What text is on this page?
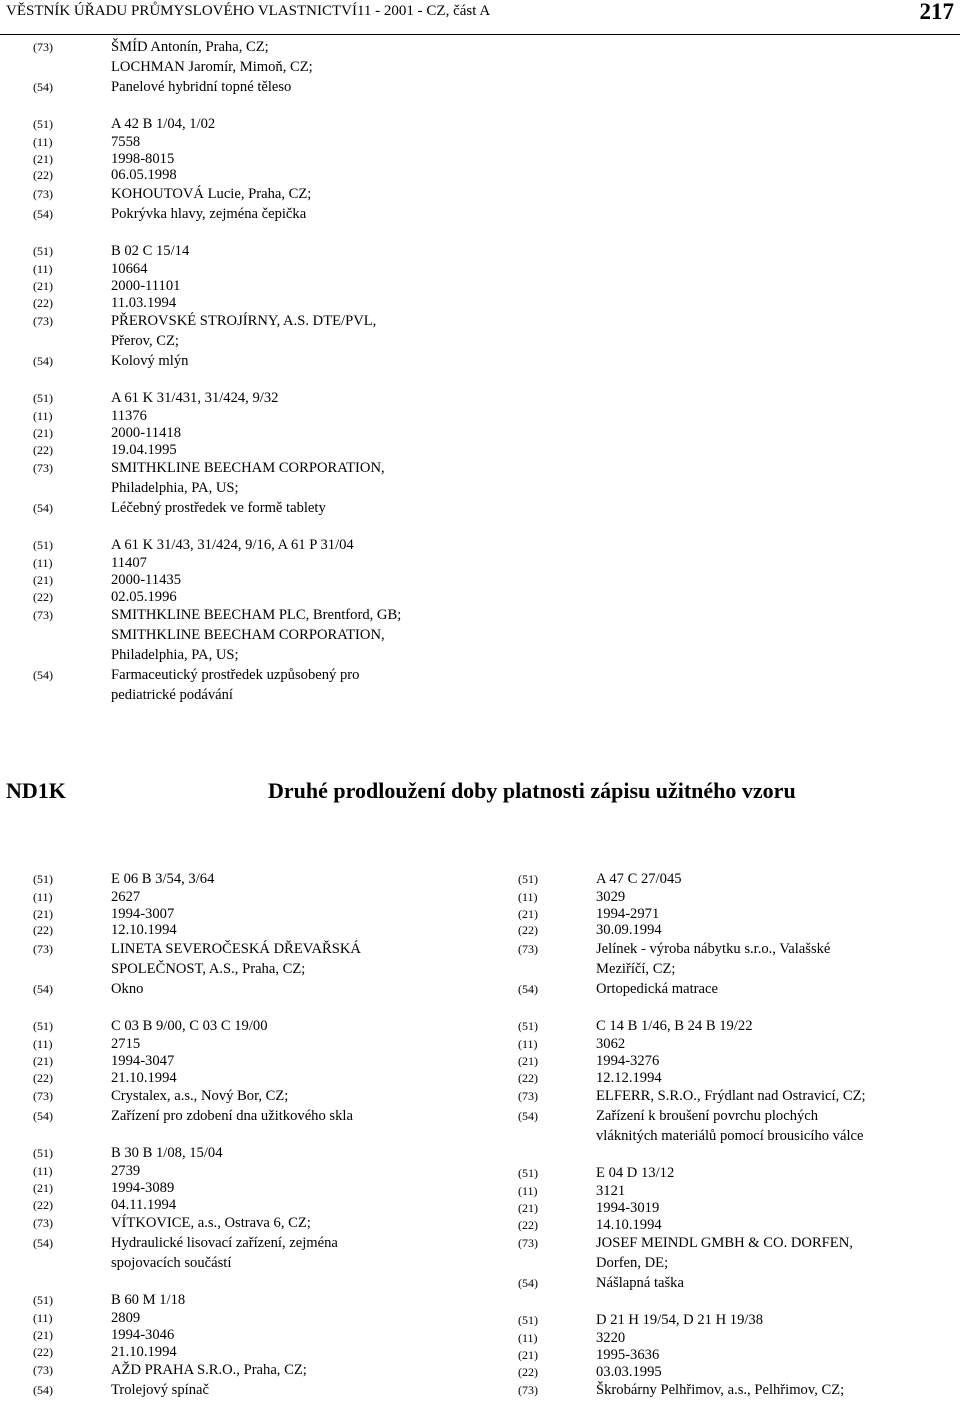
VĚSTNÍK ÚŘADU PRŮMYSLOVÉHO VLASTNICTVÍ11 - 2001 - CZ, část A	217
(73)	ŠMÍD Antonín, Praha, CZ;
LOCHMAN Jaromír, Mimoň, CZ;
(54)	Panelové hybridní topné těleso
(51)	A 42 B 1/04, 1/02
(11)	7558
(21)	1998-8015
(22)	06.05.1998
(73)	KOHOUTOVÁ Lucie, Praha, CZ;
(54)	Pokrývka hlavy, zejména čepička
(51)	B 02 C 15/14
(11)	10664
(21)	2000-11101
(22)	11.03.1994
(73)	PŘEROVSKÉ STROJÍRNY, A.S. DTE/PVL,
Přerov, CZ;
(54)	Kolový mlýn
(51)	A 61 K 31/431, 31/424, 9/32
(11)	11376
(21)	2000-11418
(22)	19.04.1995
(73)	SMITHKLINE BEECHAM CORPORATION,
Philadelphia, PA, US;
(54)	Léčebný prostředek ve formě tablety
(51)	A 61 K 31/43, 31/424, 9/16, A 61 P 31/04
(11)	11407
(21)	2000-11435
(22)	02.05.1996
(73)	SMITHKLINE BEECHAM PLC, Brentford, GB;
SMITHKLINE BEECHAM CORPORATION,
Philadelphia, PA, US;
(54)	Farmaceutický prostředek uzpůsobený pro
pediatrické podávání
ND1K	Druhé prodloužení doby platnosti zápisu užitného vzoru
(51)	E 06 B 3/54, 3/64
(11)	2627
(21)	1994-3007
(22)	12.10.1994
(73)	LINETA SEVEROČESKÁ DŘEVAŘSKÁ
SPOLEČNOST, A.S., Praha, CZ;
(54)	Okno
(51)	C 03 B 9/00, C 03 C 19/00
(11)	2715
(21)	1994-3047
(22)	21.10.1994
(73)	Crystalex, a.s., Nový Bor, CZ;
(54)	Zařízení pro zdobení dna užitkového skla
(51)	B 30 B 1/08, 15/04
(11)	2739
(21)	1994-3089
(22)	04.11.1994
(73)	VÍTKOVICE, a.s., Ostrava 6, CZ;
(54)	Hydraulické lisovací zařízení, zejména
spojovacích součástí
(51)	B 60 M 1/18
(11)	2809
(21)	1994-3046
(22)	21.10.1994
(73)	AŽD PRAHA S.R.O., Praha, CZ;
(54)	Trolejový spínač
(51)	A 47 C 27/045
(11)	3029
(21)	1994-2971
(22)	30.09.1994
(73)	Jelínek - výroba nábytku s.r.o., Valašské
Meziříčí, CZ;
(54)	Ortopedická matrace
(51)	C 14 B 1/46, B 24 B 19/22
(11)	3062
(21)	1994-3276
(22)	12.12.1994
(73)	ELFERR, S.R.O., Frýdlant nad Ostravicí, CZ;
(54)	Zařízení k broušení povrchu plochých
vláknitých materiálů pomocí brousicího válce
(51)	E 04 D 13/12
(11)	3121
(21)	1994-3019
(22)	14.10.1994
(73)	JOSEF MEINDL GMBH & CO. DORFEN,
Dorfen, DE;
(54)	Nášlapná taška
(51)	D 21 H 19/54, D 21 H 19/38
(11)	3220
(21)	1995-3636
(22)	03.03.1995
(73)	Škrobárny Pelhřimov, a.s., Pelhřimov, CZ;
